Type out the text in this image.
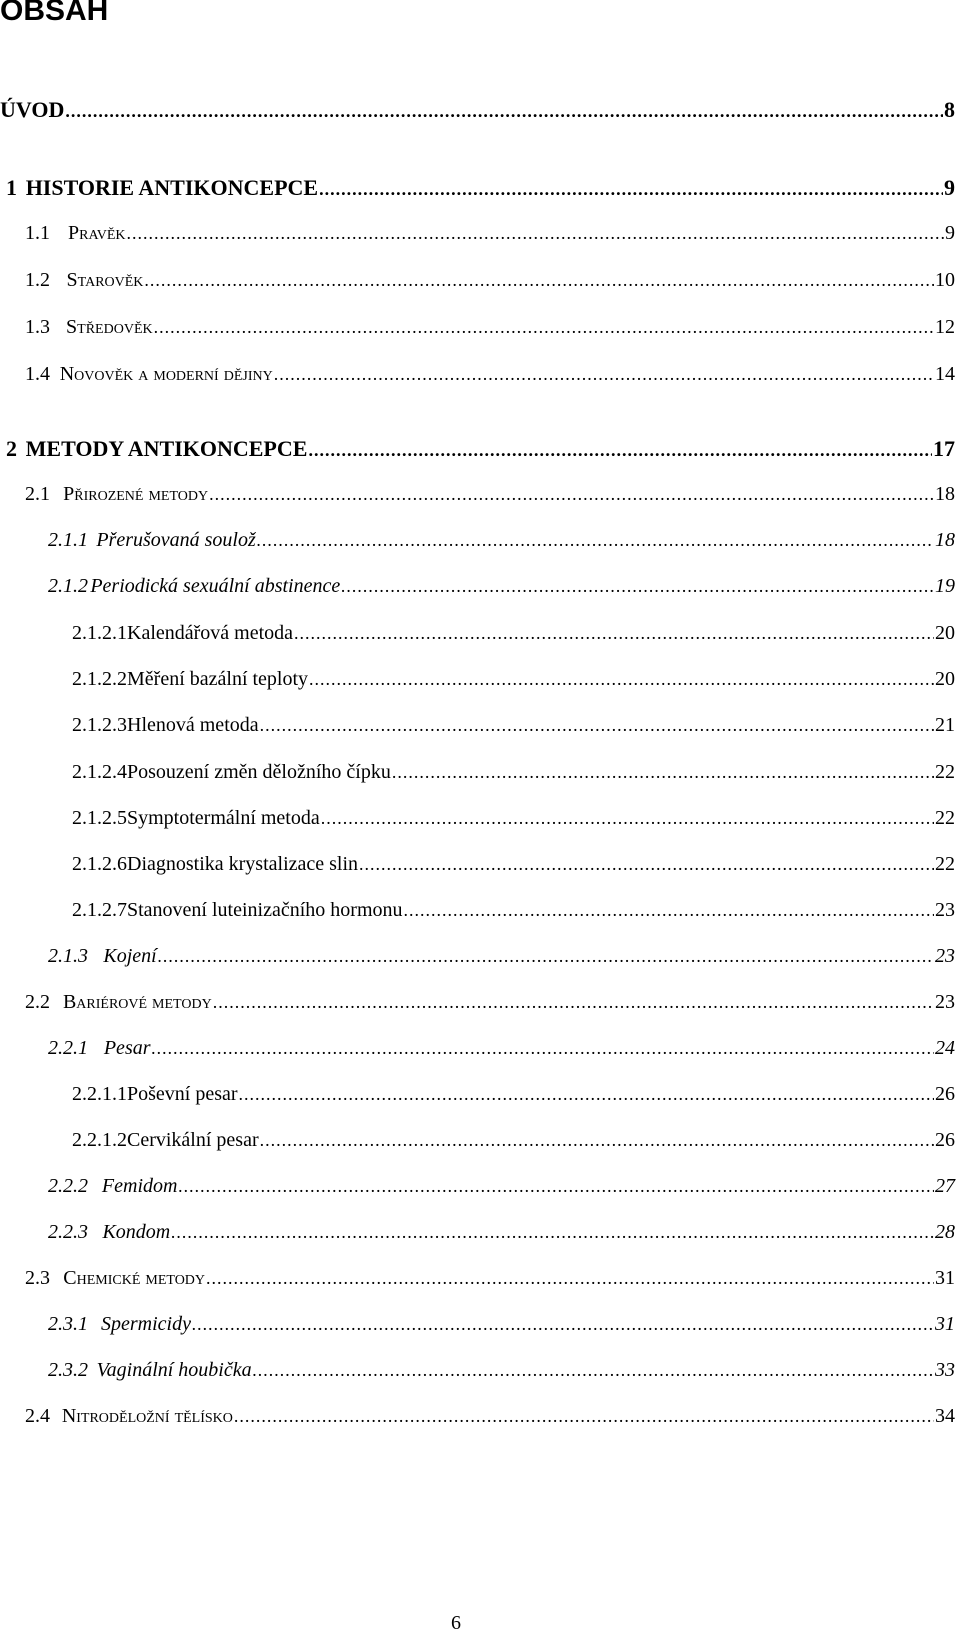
OBSAH
ÚVOD .....	8
1 HISTORIE ANTIKONCEPCE .....	9
1.1 Pravěk .....	9
1.2 Starověk .....	10
1.3 Středověk .....	12
1.4 Novověk a moderní dějiny .....	14
2 METODY ANTIKONCEPCE .....	17
2.1 Přirozené metody .....	18
2.1.1 Přerušovaná soulož .....	18
2.1.2 Periodická sexuální abstinence .....	19
2.1.2.1 Kalendářová metoda .....	20
2.1.2.2 Měření bazální teploty .....	20
2.1.2.3 Hlenová metoda .....	21
2.1.2.4 Posouzení změn děložního čípku .....	22
2.1.2.5 Symptotermální metoda .....	22
2.1.2.6 Diagnostika krystalizace slin .....	22
2.1.2.7 Stanovení luteinizačního hormonu .....	23
2.1.3 Kojení .....	23
2.2 Bariérové metody .....	23
2.2.1 Pesar .....	24
2.2.1.1 Poševní pesar .....	26
2.2.1.2 Cervikální pesar .....	26
2.2.2 Femidom .....	27
2.2.3 Kondom .....	28
2.3 Chemické metody .....	31
2.3.1 Spermicidy .....	31
2.3.2 Vaginální houbička .....	33
2.4 Nitroděložní tělísko .....	34
6
